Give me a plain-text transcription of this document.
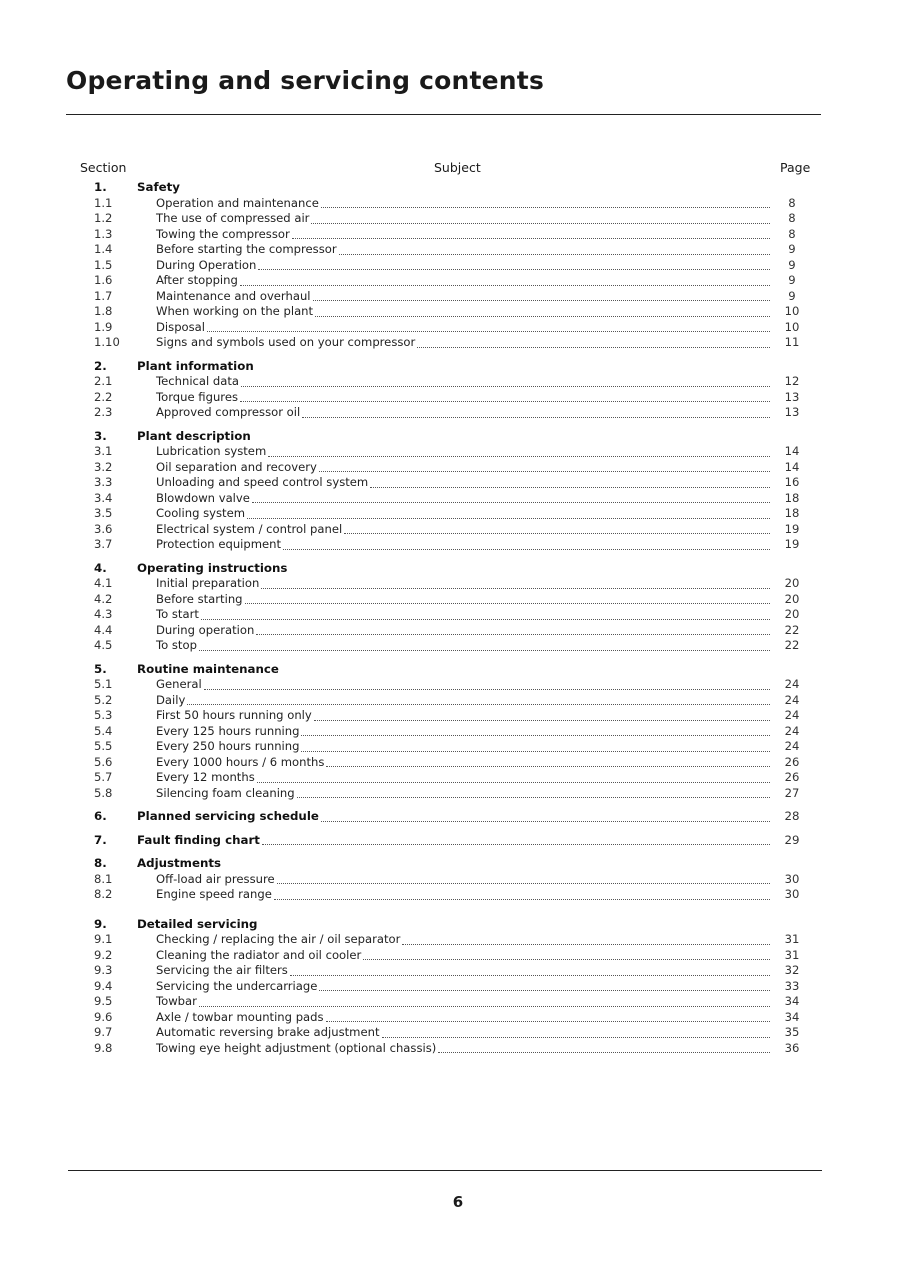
Operating and servicing contents
Section	Subject	Page
1.	Safety
1.1	Operation and maintenance	8
1.2	The use of compressed air	8
1.3	Towing the compressor	8
1.4	Before starting the compressor	9
1.5	During Operation	9
1.6	After stopping	9
1.7	Maintenance and overhaul	9
1.8	When working on the plant	10
1.9	Disposal	10
1.10	Signs and symbols used on your compressor	11
2.	Plant information
2.1	Technical data	12
2.2	Torque figures	13
2.3	Approved compressor oil	13
3.	Plant description
3.1	Lubrication system	14
3.2	Oil separation and recovery	14
3.3	Unloading and speed control system	16
3.4	Blowdown valve	18
3.5	Cooling system	18
3.6	Electrical system / control panel	19
3.7	Protection equipment	19
4.	Operating instructions
4.1	Initial preparation	20
4.2	Before starting	20
4.3	To start	20
4.4	During operation	22
4.5	To stop	22
5.	Routine maintenance
5.1	General	24
5.2	Daily	24
5.3	First 50 hours running only	24
5.4	Every 125 hours running	24
5.5	Every 250 hours running	24
5.6	Every 1000 hours / 6 months	26
5.7	Every 12 months	26
5.8	Silencing foam cleaning	27
6.	Planned servicing schedule	28
7.	Fault finding chart	29
8.	Adjustments
8.1	Off-load air pressure	30
8.2	Engine speed range	30
9.	Detailed servicing
9.1	Checking / replacing the air / oil separator	31
9.2	Cleaning the radiator and oil cooler	31
9.3	Servicing the air filters	32
9.4	Servicing the undercarriage	33
9.5	Towbar	34
9.6	Axle / towbar mounting pads	34
9.7	Automatic reversing brake adjustment	35
9.8	Towing eye height adjustment (optional chassis)	36
6
